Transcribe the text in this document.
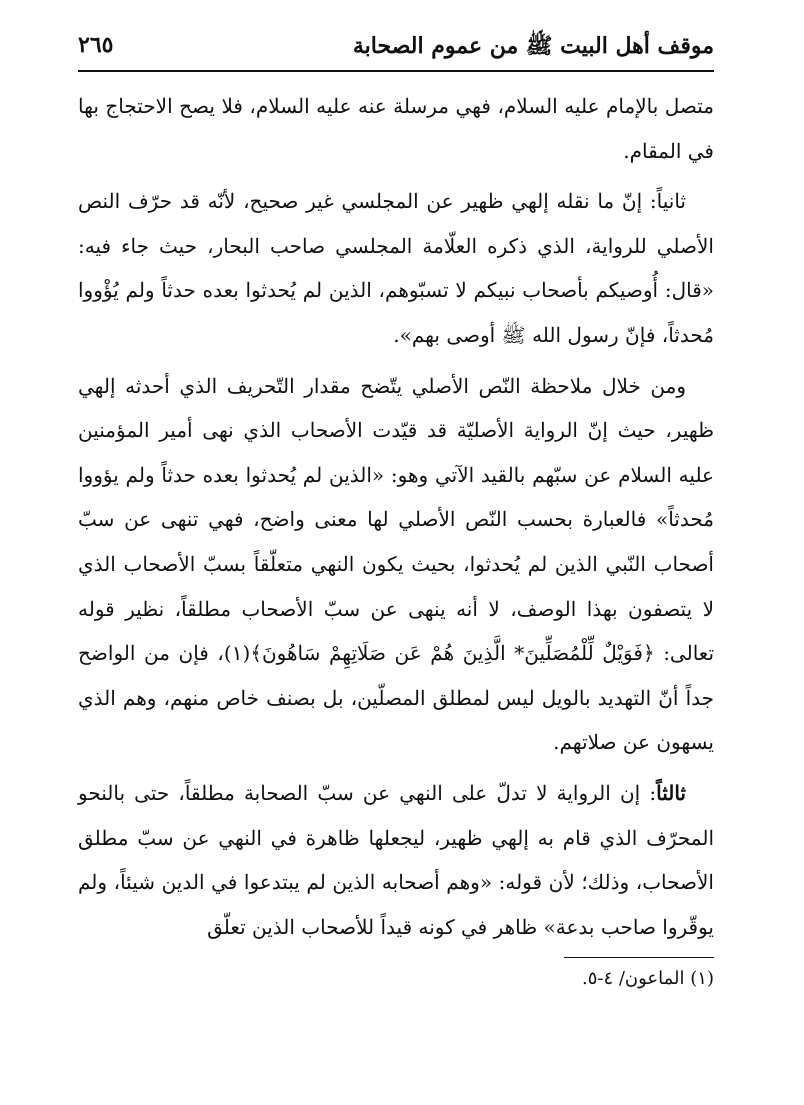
موقف أهل البيت ﷺ من عموم الصحابة
٢٦٥

متصل بالإمام عليه السلام، فهي مرسلة عنه عليه السلام، فلا يصح الاحتجاج بها في المقام.

ثانياً: إنّ ما نقله إلهي ظهير عن المجلسي غير صحيح، لأنّه قد حرّف النص الأصلي للرواية، الذي ذكره العلّامة المجلسي صاحب البحار، حيث جاء فيه: «قال: أُوصيكم بأصحاب نبيكم لا تسبّوهم، الذين لم يُحدثوا بعده حدثاً ولم يُؤْووا مُحدثاً، فإنّ رسول الله ﷺ أوصى بهم».

ومن خلال ملاحظة النّص الأصلي يتّضح مقدار التّحريف الذي أحدثه إلهي ظهير، حيث إنّ الرواية الأصليّة قد قيّدت الأصحاب الذي نهى أمير المؤمنين عليه السلام عن سبّهم بالقيد الآتي وهو: «الذين لم يُحدثوا بعده حدثاً ولم يؤووا مُحدثاً» فالعبارة بحسب النّص الأصلي لها معنى واضح، فهي تنهى عن سبّ أصحاب النّبي الذين لم يُحدثوا، بحيث يكون النهي متعلّقاً بسبّ الأصحاب الذي لا يتصفون بهذا الوصف، لا أنه ينهى عن سبّ الأصحاب مطلقاً، نظير قوله تعالى: ﴿فَوَيْلٌ لِّلْمُصَلِّينَ* الَّذِينَ هُمْ عَن صَلَاتِهِمْ سَاهُونَ﴾(١)، فإن من الواضح جداً أنّ التهديد بالويل ليس لمطلق المصلّين، بل بصنف خاص منهم، وهم الذي يسهون عن صلاتهم.

ثالثاً: إن الرواية لا تدلّ على النهي عن سبّ الصحابة مطلقاً، حتى بالنحو المحرّف الذي قام به إلهي ظهير، ليجعلها ظاهرة في النهي عن سبّ مطلق الأصحاب، وذلك؛ لأن قوله: «وهم أصحابه الذين لم يبتدعوا في الدين شيئاً، ولم يوقّروا صاحب بدعة» ظاهر في كونه قيداً للأصحاب الذين تعلّق

(١) الماعون/ ٤-٥.
